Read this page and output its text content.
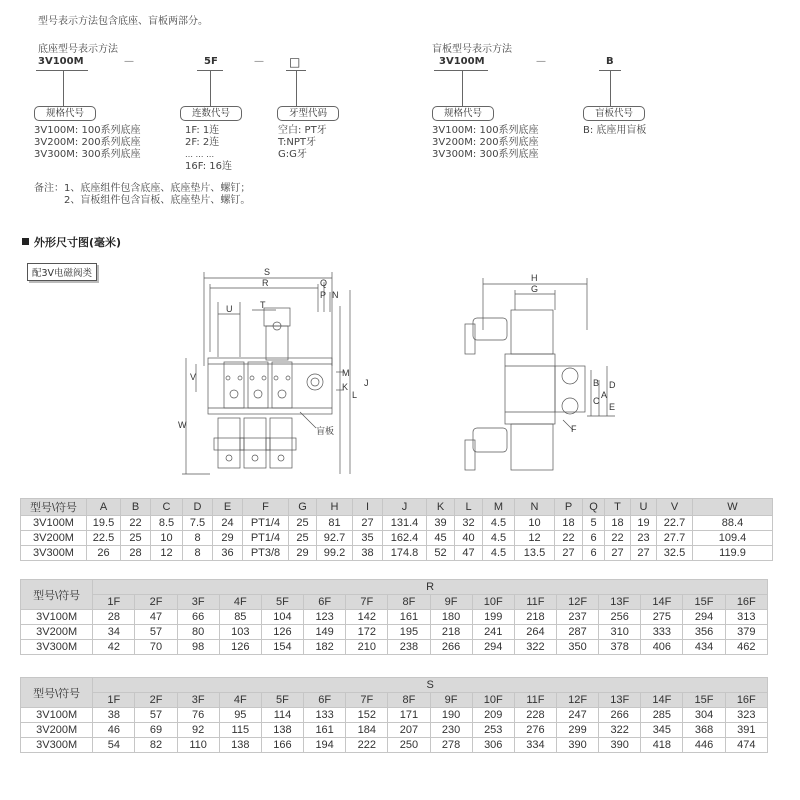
型号表示方法包含底座、盲板两部分。
底座型号表示方法	盲板型号表示方法
3V100M	—	5F	— □
规格代号	连数代号	牙型代码
3V100M: 100系列底座
3V200M: 200系列底座
3V300M: 300系列底座
1F: 1连
2F: 2连
… … …
16F: 16连
空白: PT牙
T:NPT牙
G:G牙
3V100M	—	B
规格代号	盲板代号
3V100M: 100系列底座
3V200M: 200系列底座
3V300M: 300系列底座
B: 底座用盲板
备注：1、底座组件包含底座、底座垫片、螺钉；
2、盲板组件包含盲板、底座垫片、螺钉。
外形尺寸图(毫米)
配3V电磁阀类	S
R	Q
P N
U	T
V
W
J
M
K
L
盲板
H
G
B
C
A
D
E
F
型号\符号	A	B	C	D	E	F	G	H	I	J	K	L	M	N	P	Q	T	U	V	W
3V100M	19.5	22	8.5	7.5	24	PT1/4	25	81	27	131.4	39	32	4.5	10	18	5	18	19	22.7	88.4
3V200M	22.5	25	10	8	29	PT1/4	25	92.7	35	162.4	45	40	4.5	12	22	6	22	23	27.7	109.4
3V300M	26	28	12	8	36	PT3/8	29	99.2	38	174.8	52	47	4.5	13.5	27	6	27	27	32.5	119.9
型号\符号	R															
	1F	2F	3F	4F	5F	6F	7F	8F	9F	10F	11F	12F	13F	14F	15F	16F
3V100M	28	47	66	85	104	123	142	161	180	199	218	237	256	275	294	313
3V200M	34	57	80	103	126	149	172	195	218	241	264	287	310	333	356	379
3V300M	42	70	98	126	154	182	210	238	266	294	322	350	378	406	434	462
型号\符号	S															
	1F	2F	3F	4F	5F	6F	7F	8F	9F	10F	11F	12F	13F	14F	15F	16F
3V100M	38	57	76	95	114	133	152	171	190	209	228	247	266	285	304	323
3V200M	46	69	92	115	138	161	184	207	230	253	276	299	322	345	368	391
3V300M	54	82	110	138	166	194	222	250	278	306	334	390	390	418	446	474
